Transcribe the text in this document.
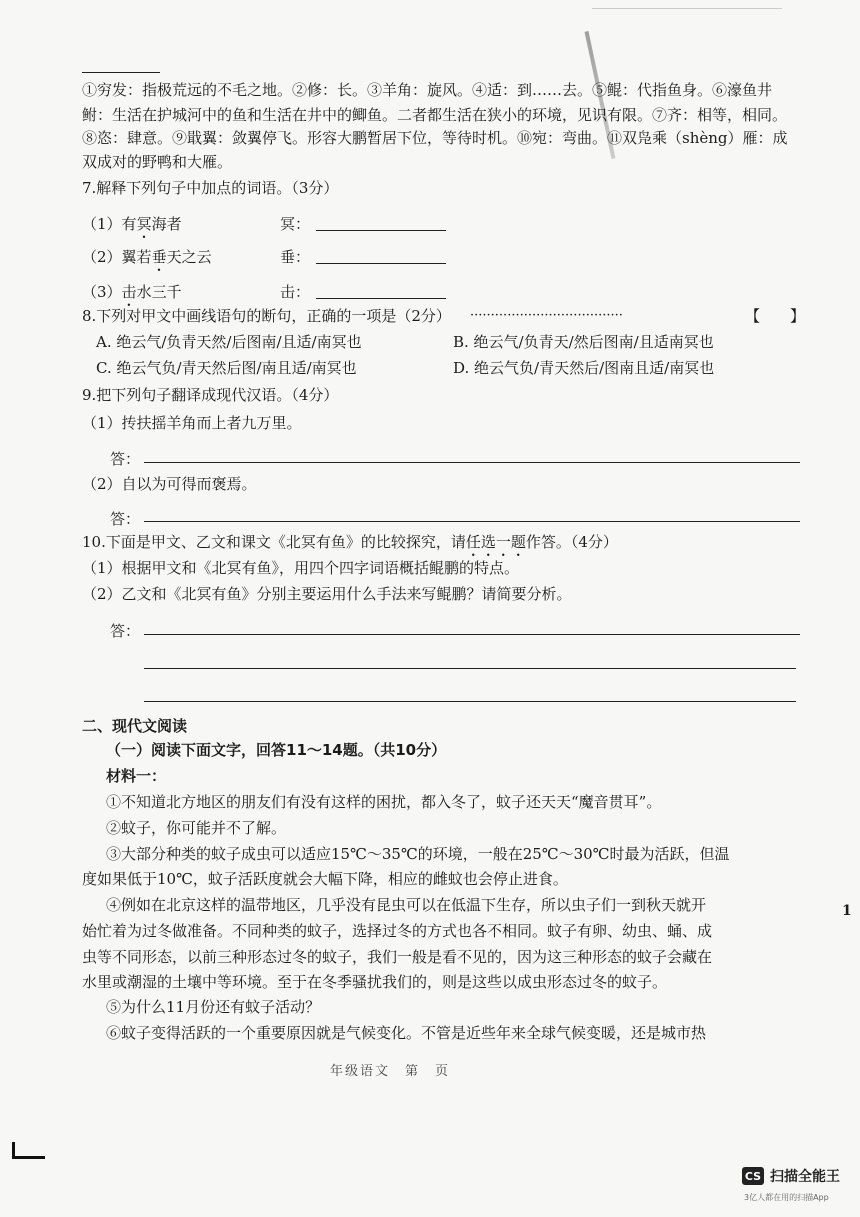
①穷发：指极荒远的不毛之地。②修：长。③羊角：旋风。④适：到……去。⑤鲲：代指鱼身。⑥濠鱼井
鲋：生活在护城河中的鱼和生活在井中的鲫鱼。二者都生活在狭小的环境，见识有限。⑦齐：相等，相同。
⑧恣：肆意。⑨戢翼：敛翼停飞。形容大鹏暂居下位，等待时机。⑩宛：弯曲。⑪双凫乘（shèng）雁：成
双成对的野鸭和大雁。
7.解释下列句子中加点的词语。（3分）
（1）有冥海者	冥：
（2）翼若垂天之云	垂：
（3）击水三千	击：
8.下列对甲文中画线语句的断句，正确的一项是（2分） ·····································	【　　】
A. 绝云气/负青天然/后图南/且适/南冥也	B. 绝云气/负青天/然后图南/且适南冥也
C. 绝云气负/青天然后图/南且适/南冥也	D. 绝云气负/青天然后/图南且适/南冥也
9.把下列句子翻译成现代汉语。（4分）
（1）抟扶摇羊角而上者九万里。
答：
（2）自以为可得而褒焉。
答：
10.下面是甲文、乙文和课文《北冥有鱼》的比较探究，请任选一题作答。（4分）
（1）根据甲文和《北冥有鱼》，用四个四字词语概括鲲鹏的特点。
（2）乙文和《北冥有鱼》分别主要运用什么手法来写鲲鹏？请简要分析。
答：
二、现代文阅读
（一）阅读下面文字，回答11～14题。（共10分）
材料一：
①不知道北方地区的朋友们有没有这样的困扰，都入冬了，蚊子还天天“魔音贯耳”。
②蚊子，你可能并不了解。
③大部分种类的蚊子成虫可以适应15℃～35℃的环境，一般在25℃～30℃时最为活跃，但温
度如果低于10℃，蚊子活跃度就会大幅下降，相应的雌蚊也会停止进食。
④例如在北京这样的温带地区，几乎没有昆虫可以在低温下生存，所以虫子们一到秋天就开
始忙着为过冬做准备。不同种类的蚊子，选择过冬的方式也各不相同。蚊子有卵、幼虫、蛹、成
虫等不同形态，以前三种形态过冬的蚊子，我们一般是看不见的，因为这三种形态的蚊子会藏在
水里或潮湿的土壤中等环境。至于在冬季骚扰我们的，则是这些以成虫形态过冬的蚊子。
⑤为什么11月份还有蚊子活动？
⑥蚊子变得活跃的一个重要原因就是气候变化。不管是近些年来全球气候变暖，还是城市热
1
年级语文　第　页
CS 扫描全能王
3亿人都在用的扫描App
